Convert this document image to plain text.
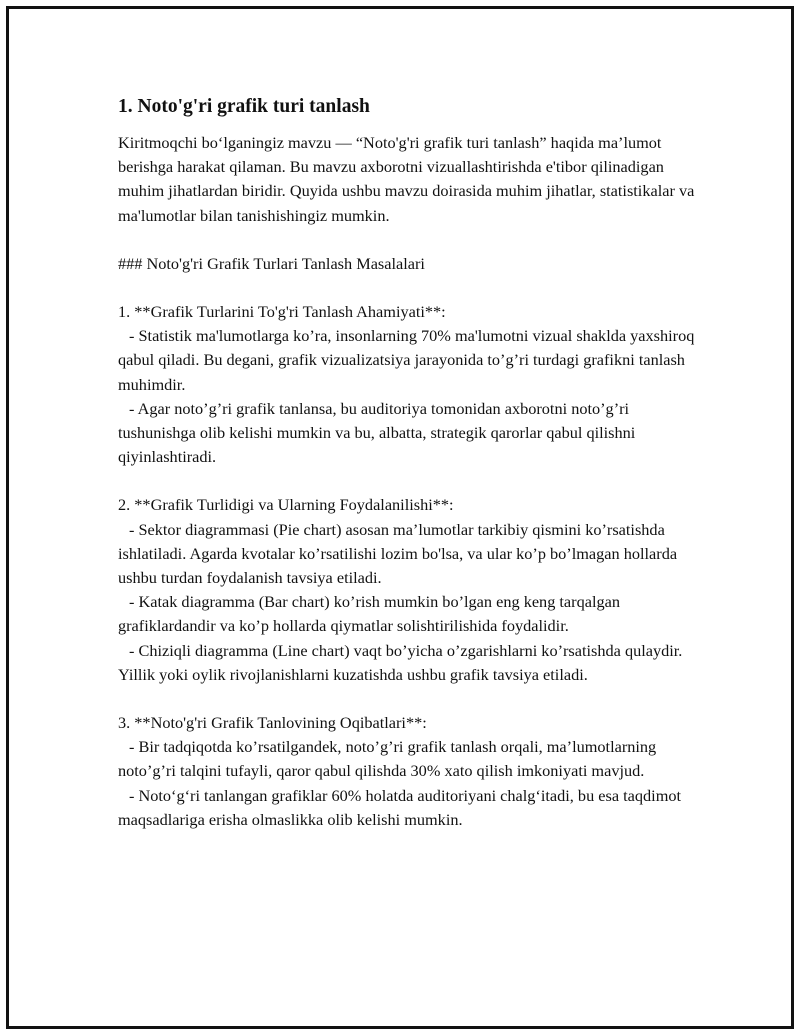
1. Noto'g'ri grafik turi tanlash

Kiritmoqchi bo‘lganingiz mavzu — “Noto'g'ri grafik turi tanlash” haqida ma’lumot berishga harakat qilaman. Bu mavzu axborotni vizuallashtirishda e'tibor qilinadigan muhim jihatlardan biridir. Quyida ushbu mavzu doirasida muhim jihatlar, statistikalar va ma'lumotlar bilan tanishishingiz mumkin.

### Noto'g'ri Grafik Turlari Tanlash Masalalari

1. **Grafik Turlarini To'g'ri Tanlash Ahamiyati**:

- Statistik ma'lumotlarga ko’ra, insonlarning 70% ma'lumotni vizual shaklda yaxshiroq qabul qiladi. Bu degani, grafik vizualizatsiya jarayonida to’g’ri turdagi grafikni tanlash muhimdir.

- Agar noto’g’ri grafik tanlansa, bu auditoriya tomonidan axborotni noto’g’ri tushunishga olib kelishi mumkin va bu, albatta, strategik qarorlar qabul qilishni qiyinlashtiradi.

2. **Grafik Turlidigi va Ularning Foydalanilishi**:

- Sektor diagrammasi (Pie chart) asosan ma’lumotlar tarkibiy qismini ko’rsatishda ishlatiladi. Agarda kvotalar ko’rsatilishi lozim bo'lsa, va ular ko’p bo’lmagan hollarda ushbu turdan foydalanish tavsiya etiladi.

- Katak diagramma (Bar chart) ko’rish mumkin bo’lgan eng keng tarqalgan grafiklardandir va ko’p hollarda qiymatlar solishtirilishida foydalidir.

- Chiziqli diagramma (Line chart) vaqt bo’yicha o’zgarishlarni ko’rsatishda qulaydir. Yillik yoki oylik rivojlanishlarni kuzatishda ushbu grafik tavsiya etiladi.

3. **Noto'g'ri Grafik Tanlovining Oqibatlari**:

- Bir tadqiqotda ko’rsatilgandek, noto’g’ri grafik tanlash orqali, ma’lumotlarning noto’g’ri talqini tufayli, qaror qabul qilishda 30% xato qilish imkoniyati mavjud.

- Noto‘g‘ri tanlangan grafiklar 60% holatda auditoriyani chalg‘itadi, bu esa taqdimot maqsadlariga erisha olmaslikka olib kelishi mumkin.
